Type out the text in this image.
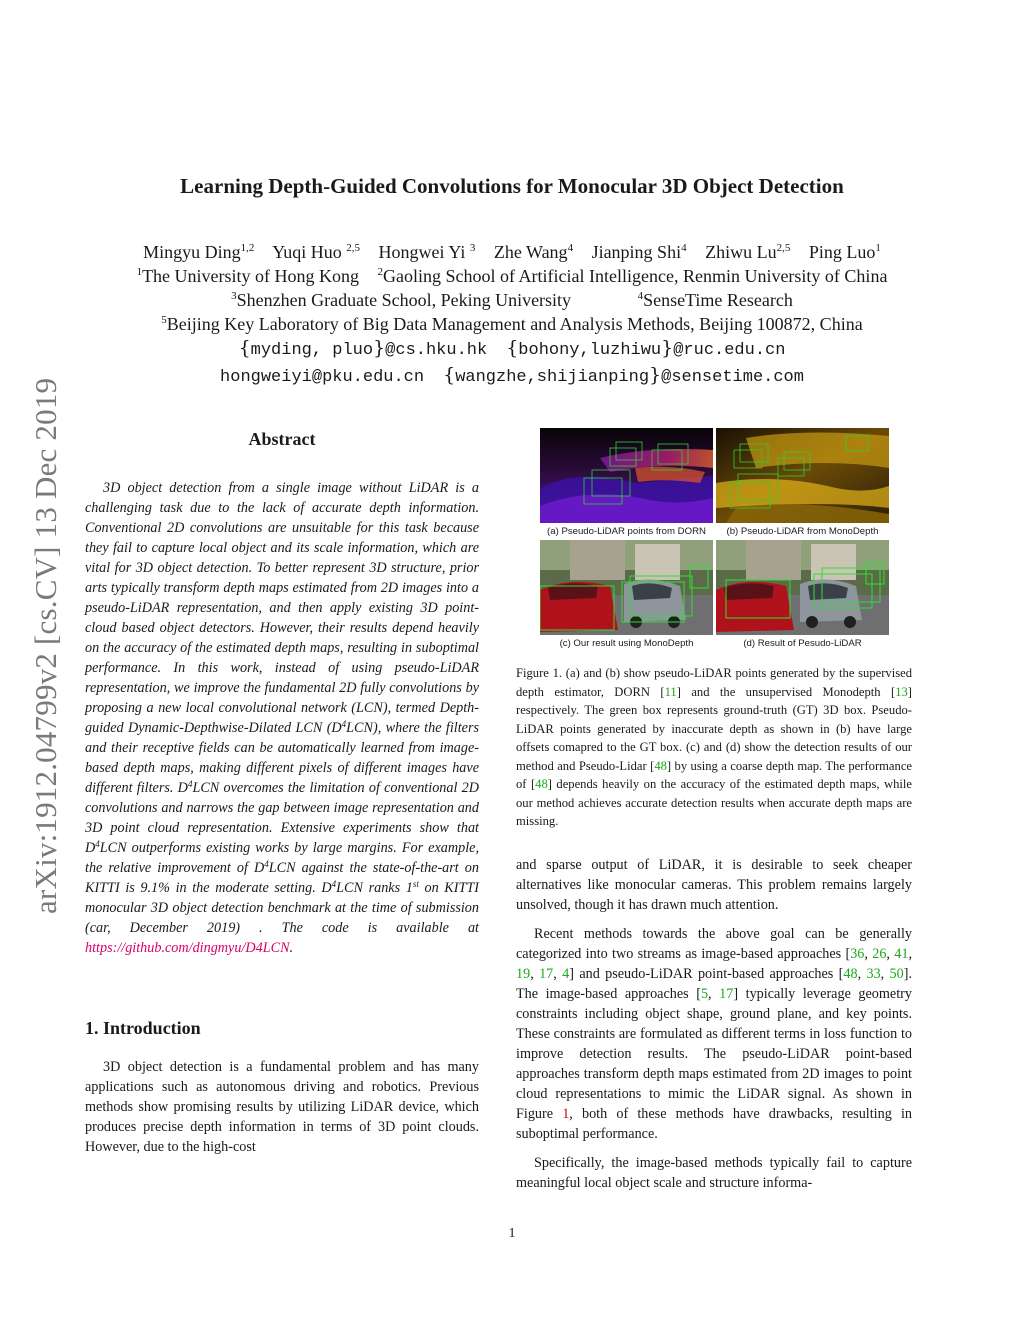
arXiv:1912.04799v2 [cs.CV] 13 Dec 2019
Learning Depth-Guided Convolutions for Monocular 3D Object Detection
Mingyu Ding$^{1,2}$ Yuqi Huo $^{2,5}$ Hongwei Yi $^3$ Zhe Wang$^4$ Jianping Shi$^4$ Zhiwu Lu$^{2,5}$ Ping Luo$^1$
$^1$The University of Hong Kong $^2$Gaoling School of Artificial Intelligence, Renmin University of China
$^3$Shenzhen Graduate School, Peking University	$^4$SenseTime Research
$^5$Beijing Key Laboratory of Big Data Management and Analysis Methods, Beijing 100872, China
{myding, pluo}@cs.hku.hk {bohony,luzhiwu}@ruc.edu.cn
hongweiyi@pku.edu.cn {wangzhe,shijianping}@sensetime.com
Abstract

3D object detection from a single image without LiDAR is a challenging task due to the lack of accurate depth information. Conventional 2D convolutions are unsuitable for this task because they fail to capture local object and its scale information, which are vital for 3D object detection. To better represent 3D structure, prior arts typically transform depth maps estimated from 2D images into a pseudo-LiDAR representation, and then apply existing 3D point-cloud based object detectors. However, their results depend heavily on the accuracy of the estimated depth maps, resulting in suboptimal performance. In this work, instead of using pseudo-LiDAR representation, we improve the fundamental 2D fully convolutions by proposing a new local convolutional network (LCN), termed Depth-guided Dynamic-Depthwise-Dilated LCN $(D^4LCN)$, where the filters and their receptive fields can be automatically learned from image-based depth maps, making different pixels of different images have different filters. $D^4LCN$ overcomes the limitation of conventional 2D convolutions and narrows the gap between image representation and 3D point cloud representation. Extensive experiments show that $D^4LCN$ outperforms existing works by large margins. For example, the relative improvement of $D^4LCN$ against the state-of-the-art on KITTI is 9.1% in the moderate setting. $D^4LCN$ ranks 1st on KITTI monocular 3D object detection benchmark at the time of submission (car, December 2019) . The code is available at https://github.com/dingmyu/D4LCN.

1. Introduction

3D object detection is a fundamental problem and has many applications such as autonomous driving and robotics. Previous methods show promising results by utilizing LiDAR device, which produces precise depth information in terms of 3D point clouds. However, due to the high-cost

(a) Pseudo-LiDAR points from DORN	(b) Pseudo-LiDAR from MonoDepth
(c) Our result using MonoDepth	(d) Result of Pesudo-LiDAR

Figure 1. (a) and (b) show pseudo-LiDAR points generated by the supervised depth estimator, DORN [11] and the unsupervised Monodepth [13] respectively. The green box represents ground-truth (GT) 3D box. Pseudo-LiDAR points generated by inaccurate depth as shown in (b) have large offsets comapred to the GT box. (c) and (d) show the detection results of our method and Pseudo-Lidar [48] by using a coarse depth map. The performance of [48] depends heavily on the accuracy of the estimated depth maps, while our method achieves accurate detection results when accurate depth maps are missing.

and sparse output of LiDAR, it is desirable to seek cheaper alternatives like monocular cameras. This problem remains largely unsolved, though it has drawn much attention.

Recent methods towards the above goal can be generally categorized into two streams as image-based approaches [36, 26, 41, 19, 17, 4] and pseudo-LiDAR point-based approaches [48, 33, 50]. The image-based approaches [5, 17] typically leverage geometry constraints including object shape, ground plane, and key points. These constraints are formulated as different terms in loss function to improve detection results. The pseudo-LiDAR point-based approaches transform depth maps estimated from 2D images to point cloud representations to mimic the LiDAR signal. As shown in Figure 1, both of these methods have drawbacks, resulting in suboptimal performance.

Specifically, the image-based methods typically fail to capture meaningful local object scale and structure informa-

1
